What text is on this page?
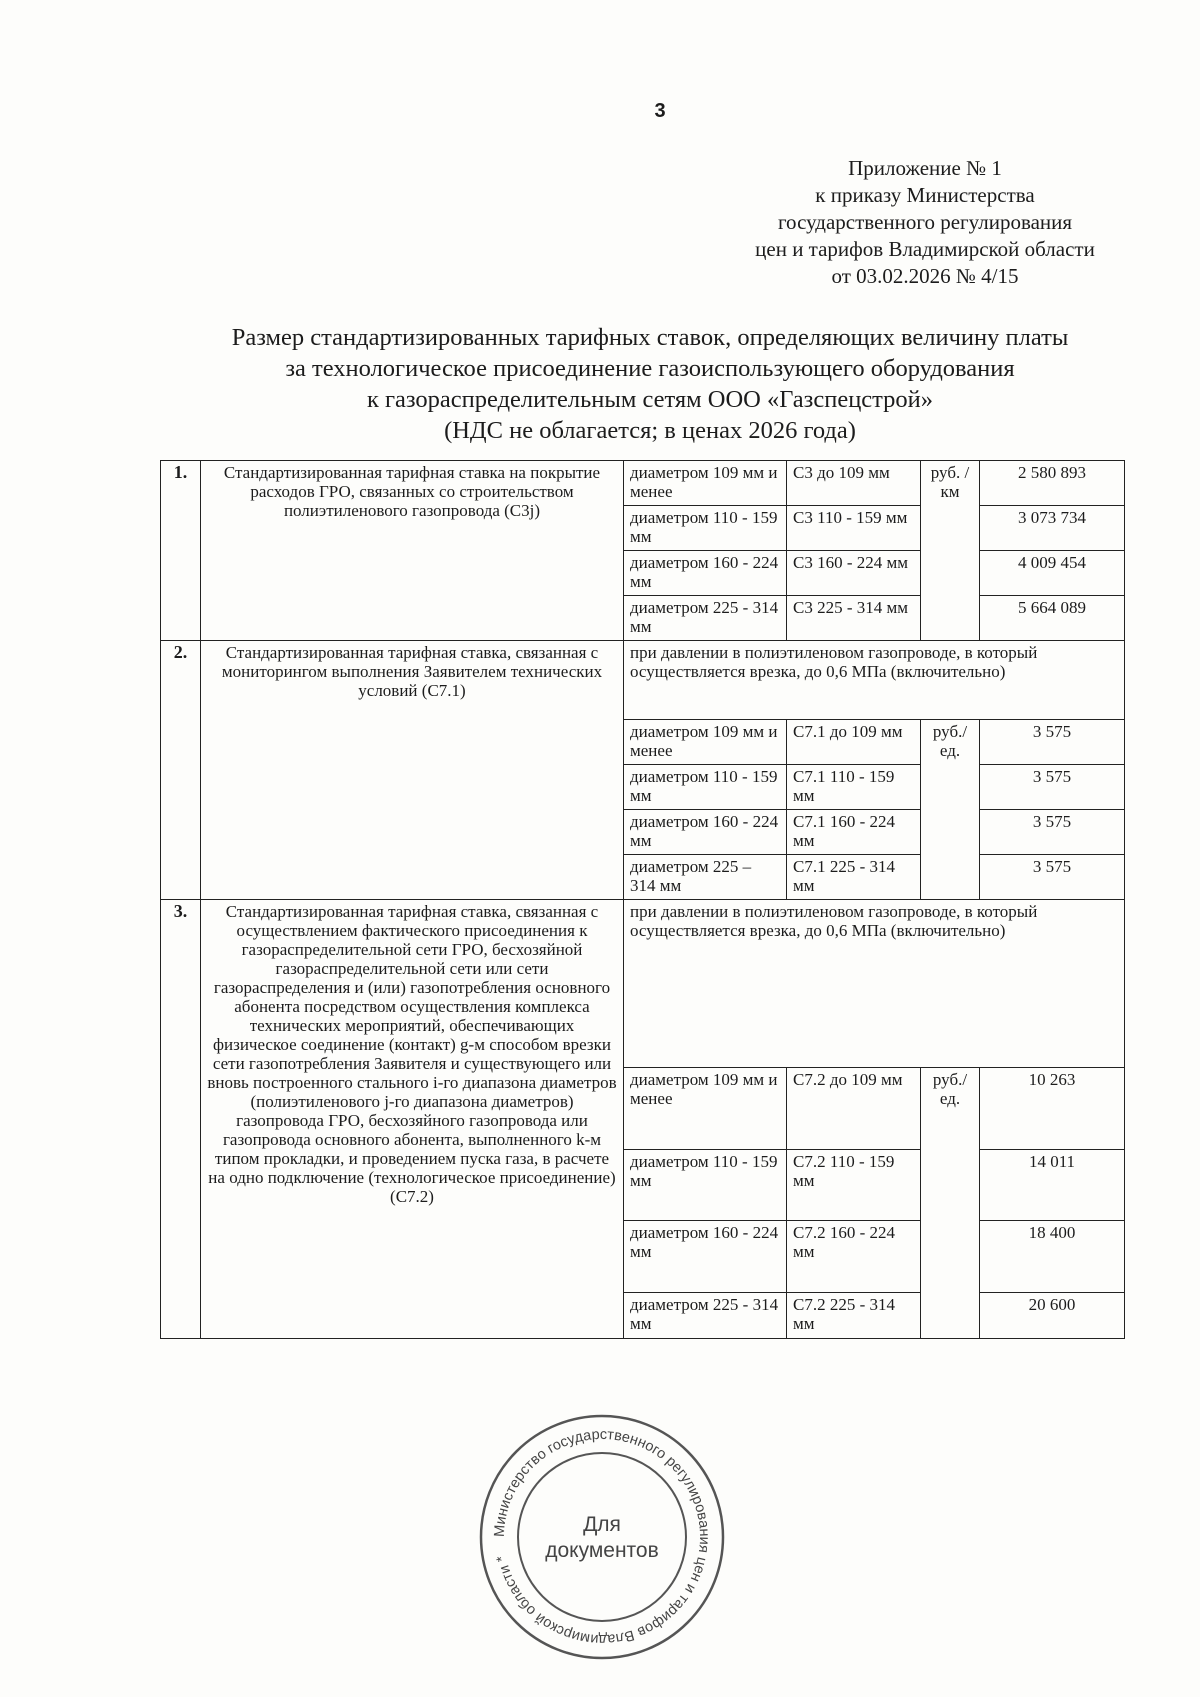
3
Приложение № 1
к приказу Министерства
государственного регулирования
цен и тарифов Владимирской области
от 03.02.2026 № 4/15
Размер стандартизированных тарифных ставок, определяющих величину платы
за технологическое присоединение газоиспользующего оборудования
к газораспределительным сетям ООО «Газспецстрой»
(НДС не облагается; в ценах 2026 года)
1.	Стандартизированная тарифная ставка на покрытие расходов ГРО, связанных со строительством полиэтиленового газопровода (С3j)	диаметром 109 мм и менее	С3 до 109 мм	руб. /км	2 580 893
		диаметром 110 - 159 мм	С3 110 - 159 мм		3 073 734
		диаметром 160 - 224 мм	С3 160 - 224 мм		4 009 454
		диаметром 225 - 314 мм	С3 225 - 314 мм		5 664 089
2.	Стандартизированная тарифная ставка, связанная с мониторингом выполнения Заявителем технических условий (С7.1)	при давлении в полиэтиленовом газопроводе, в который осуществляется врезка, до 0,6 МПа (включительно)			
		диаметром 109 мм и менее	С7.1 до 109 мм	руб./ ед.	3 575
		диаметром 110 - 159 мм	С7.1 110 - 159 мм		3 575
		диаметром 160 - 224 мм	С7.1 160 - 224 мм		3 575
		диаметром 225 – 314 мм	С7.1 225 - 314 мм		3 575
3.	Стандартизированная тарифная ставка, связанная с осуществлением фактического присоединения к газораспределительной сети ГРО, бесхозяйной газораспределительной сети или сети газораспределения и (или) газопотребления основного абонента посредством осуществления комплекса технических мероприятий, обеспечивающих физическое соединение (контакт) g-м способом врезки сети газопотребления Заявителя и существующего или вновь построенного стального i-го диапазона диаметров (полиэтиленового j-го диапазона диаметров) газопровода ГРО, бесхозяйного газопровода или газопровода основного абонента, выполненного k-м типом прокладки, и проведением пуска газа, в расчете на одно подключение (технологическое присоединение) (С7.2)	при давлении в полиэтиленовом газопроводе, в который осуществляется врезка, до 0,6 МПа (включительно)			
		диаметром 109 мм и менее	С7.2 до 109 мм	руб./ ед.	10 263
		диаметром 110 - 159 мм	С7.2 110 - 159 мм		14 011
		диаметром 160 - 224 мм	С7.2 160 - 224 мм		18 400
		диаметром 225 - 314 мм	С7.2 225 - 314 мм		20 600
Министерство государственного регулирования цен и тарифов Владимирской области *
Для
документов
